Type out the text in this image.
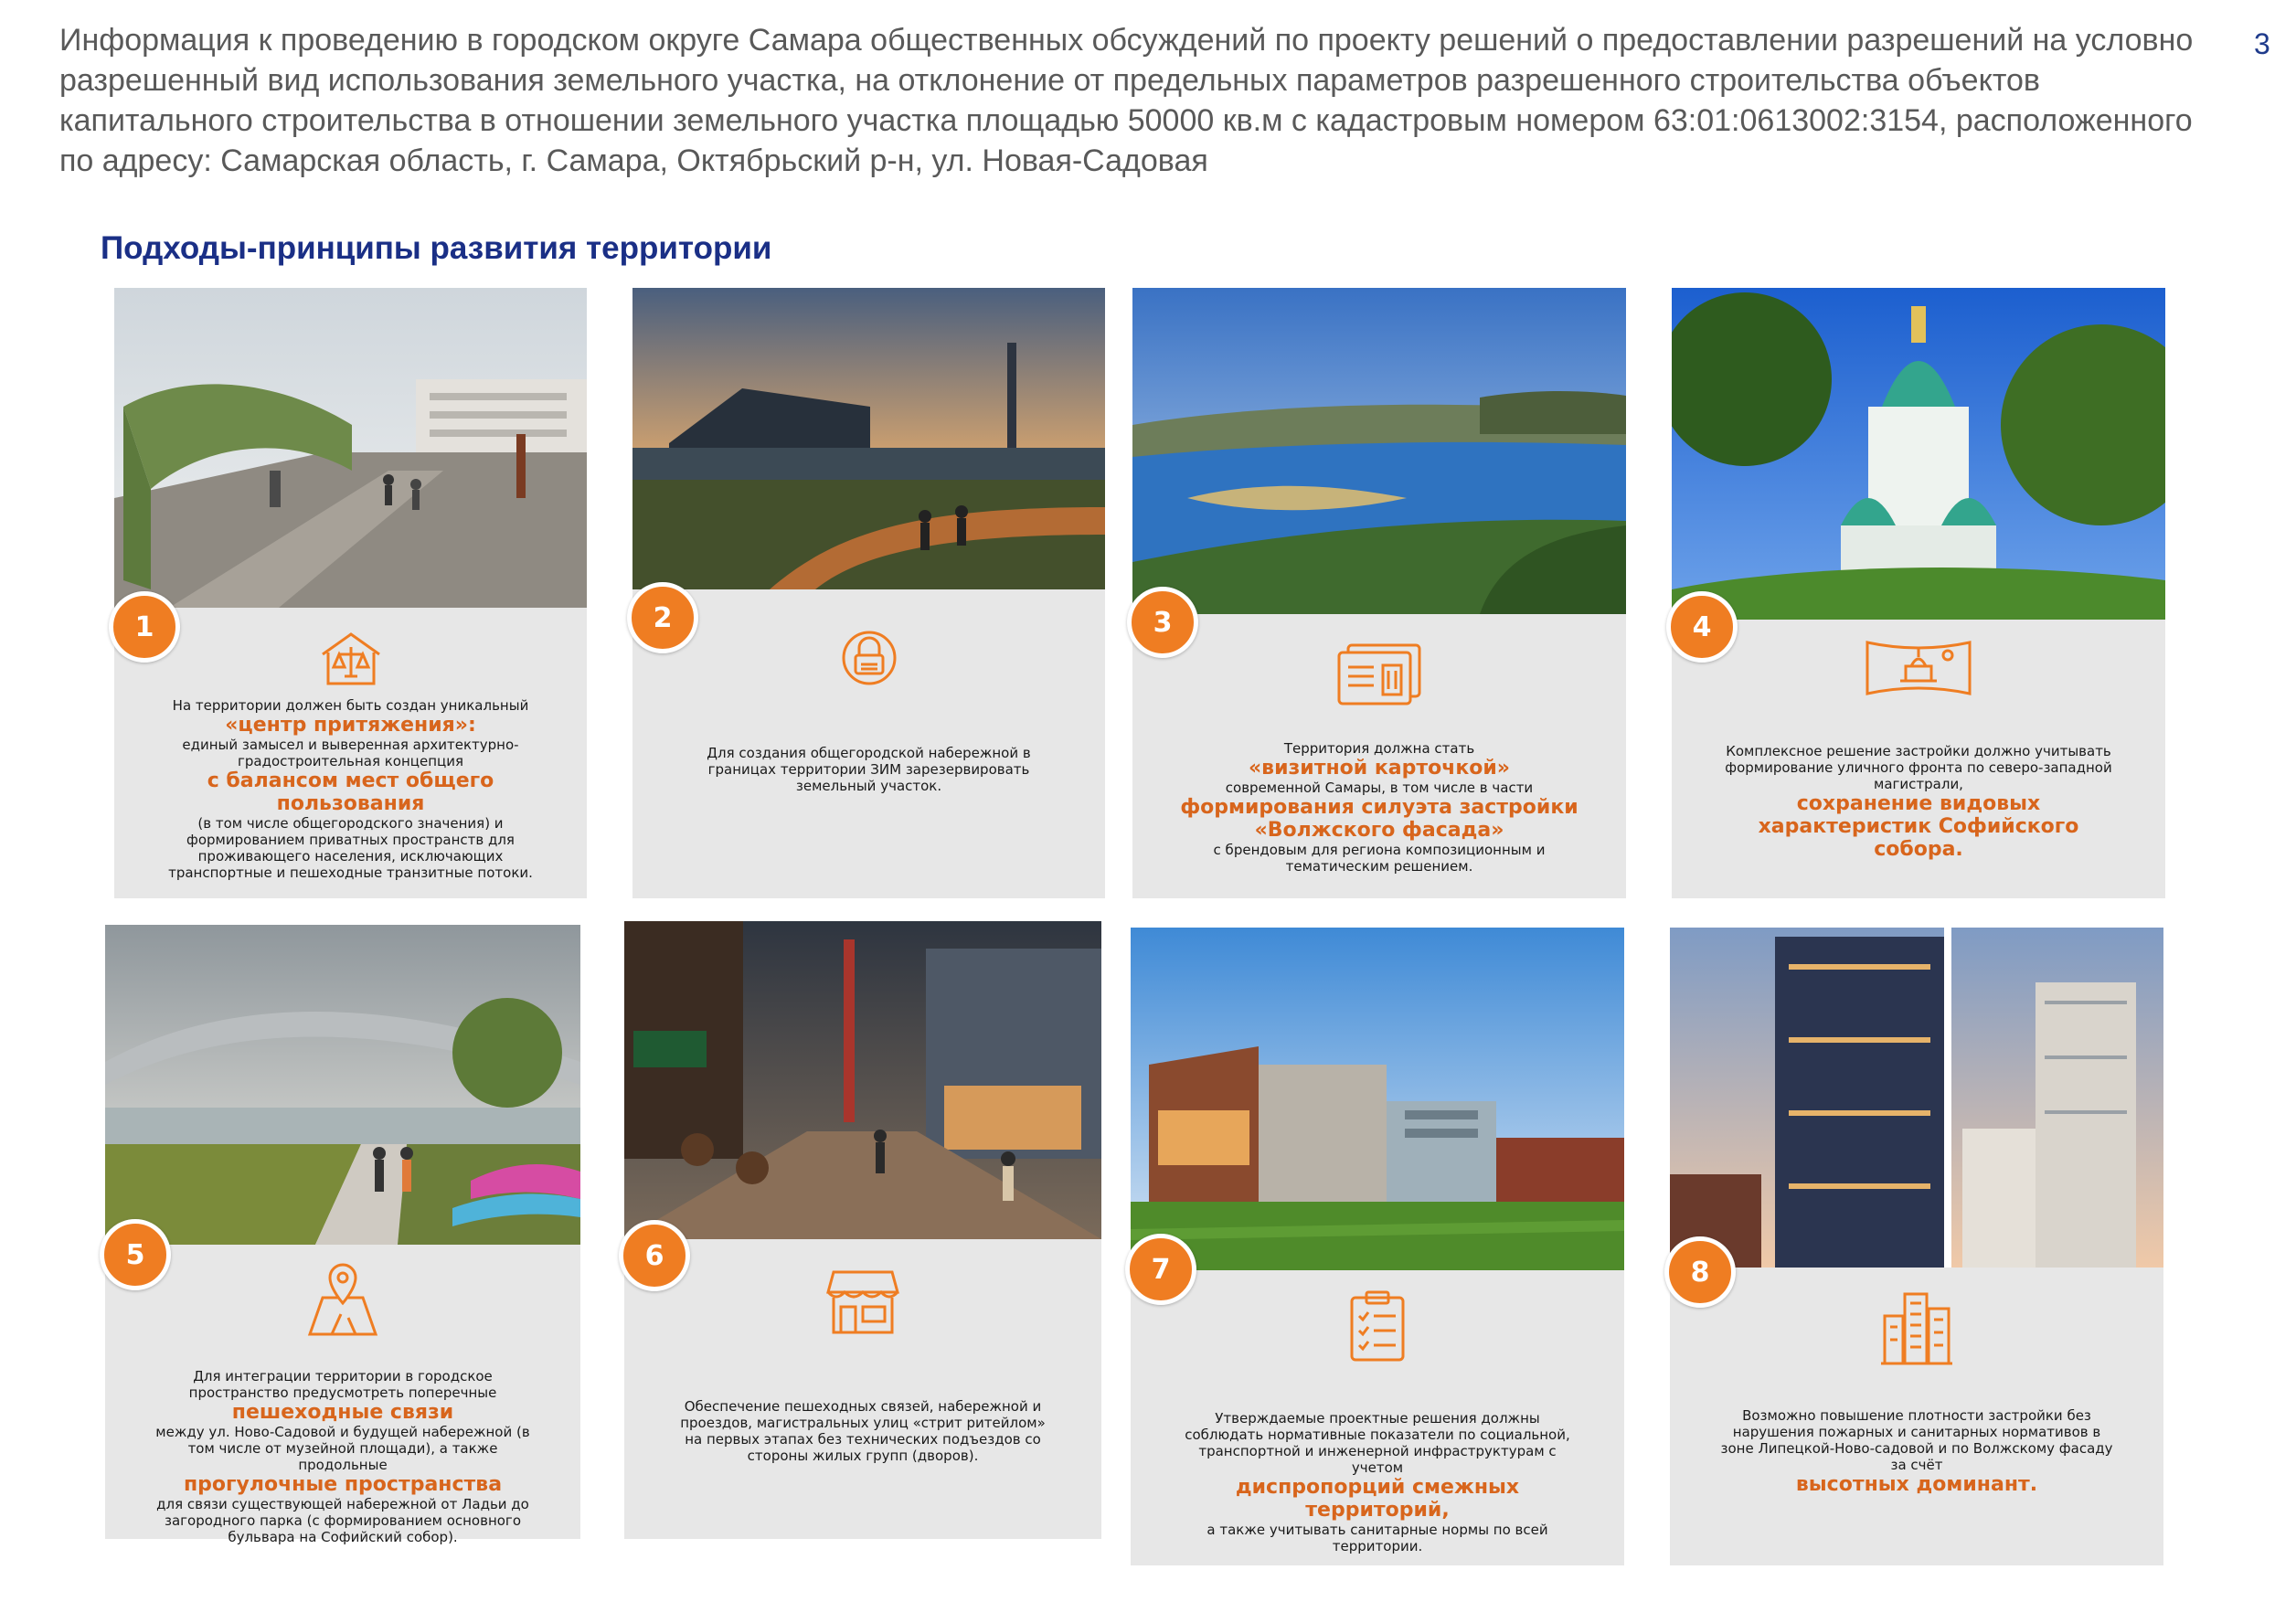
Информация к проведению в городском округе Самара общественных обсуждений по проекту решений о предоставлении разрешений на условно разрешенный вид использования земельного участка, на отклонение от предельных параметров разрешенного строительства объектов капитального строительства в отношении земельного участка площадью 50000 кв.м с кадастровым номером 63:01:0613002:3154, расположенного по адресу: Самарская область, г. Самара, Октябрьский р-н, ул. Новая-Садовая

3
Подходы-принципы развития территории
1
На территории должен быть создан уникальный
«центр притяжения»:
единый замысел и выверенная архитектурно-градостроительная концепция
с балансом мест общего пользования
(в том числе общегородского значения) и формированием приватных пространств для проживающего населения, исключающих транспортные и пешеходные транзитные потоки.
2
Для создания общегородской набережной в границах территории ЗИМ зарезервировать земельный участок.
3
Территория должна стать
«визитной карточкой»
современной Самары, в том числе в части
формирования силуэта застройки «Волжского фасада»
с брендовым для региона композиционным и тематическим решением.
4
Комплексное решение застройки должно учитывать формирование уличного фронта по северо-западной магистрали,
сохранение видовых характеристик Софийского собора.
5
Для интеграции территории в городское пространство предусмотреть поперечные
пешеходные связи
между ул. Ново-Садовой и будущей набережной (в том числе от музейной площади), а также продольные
прогулочные пространства
для связи существующей набережной от Ладьи до загородного парка (с формированием основного бульвара на Софийский собор).
6
Обеспечение пешеходных связей, набережной и проездов, магистральных улиц «стрит ритейлом» на первых этапах без технических подъездов со стороны жилых групп (дворов).
7
Утверждаемые проектные решения должны соблюдать нормативные показатели по социальной, транспортной и инженерной инфраструктурам с учетом
диспропорций смежных территорий,
а также учитывать санитарные нормы по всей территории.
8
Возможно повышение плотности застройки без нарушения пожарных и санитарных нормативов в зоне Липецкой-Ново-садовой и по Волжскому фасаду за счёт
высотных доминант.
